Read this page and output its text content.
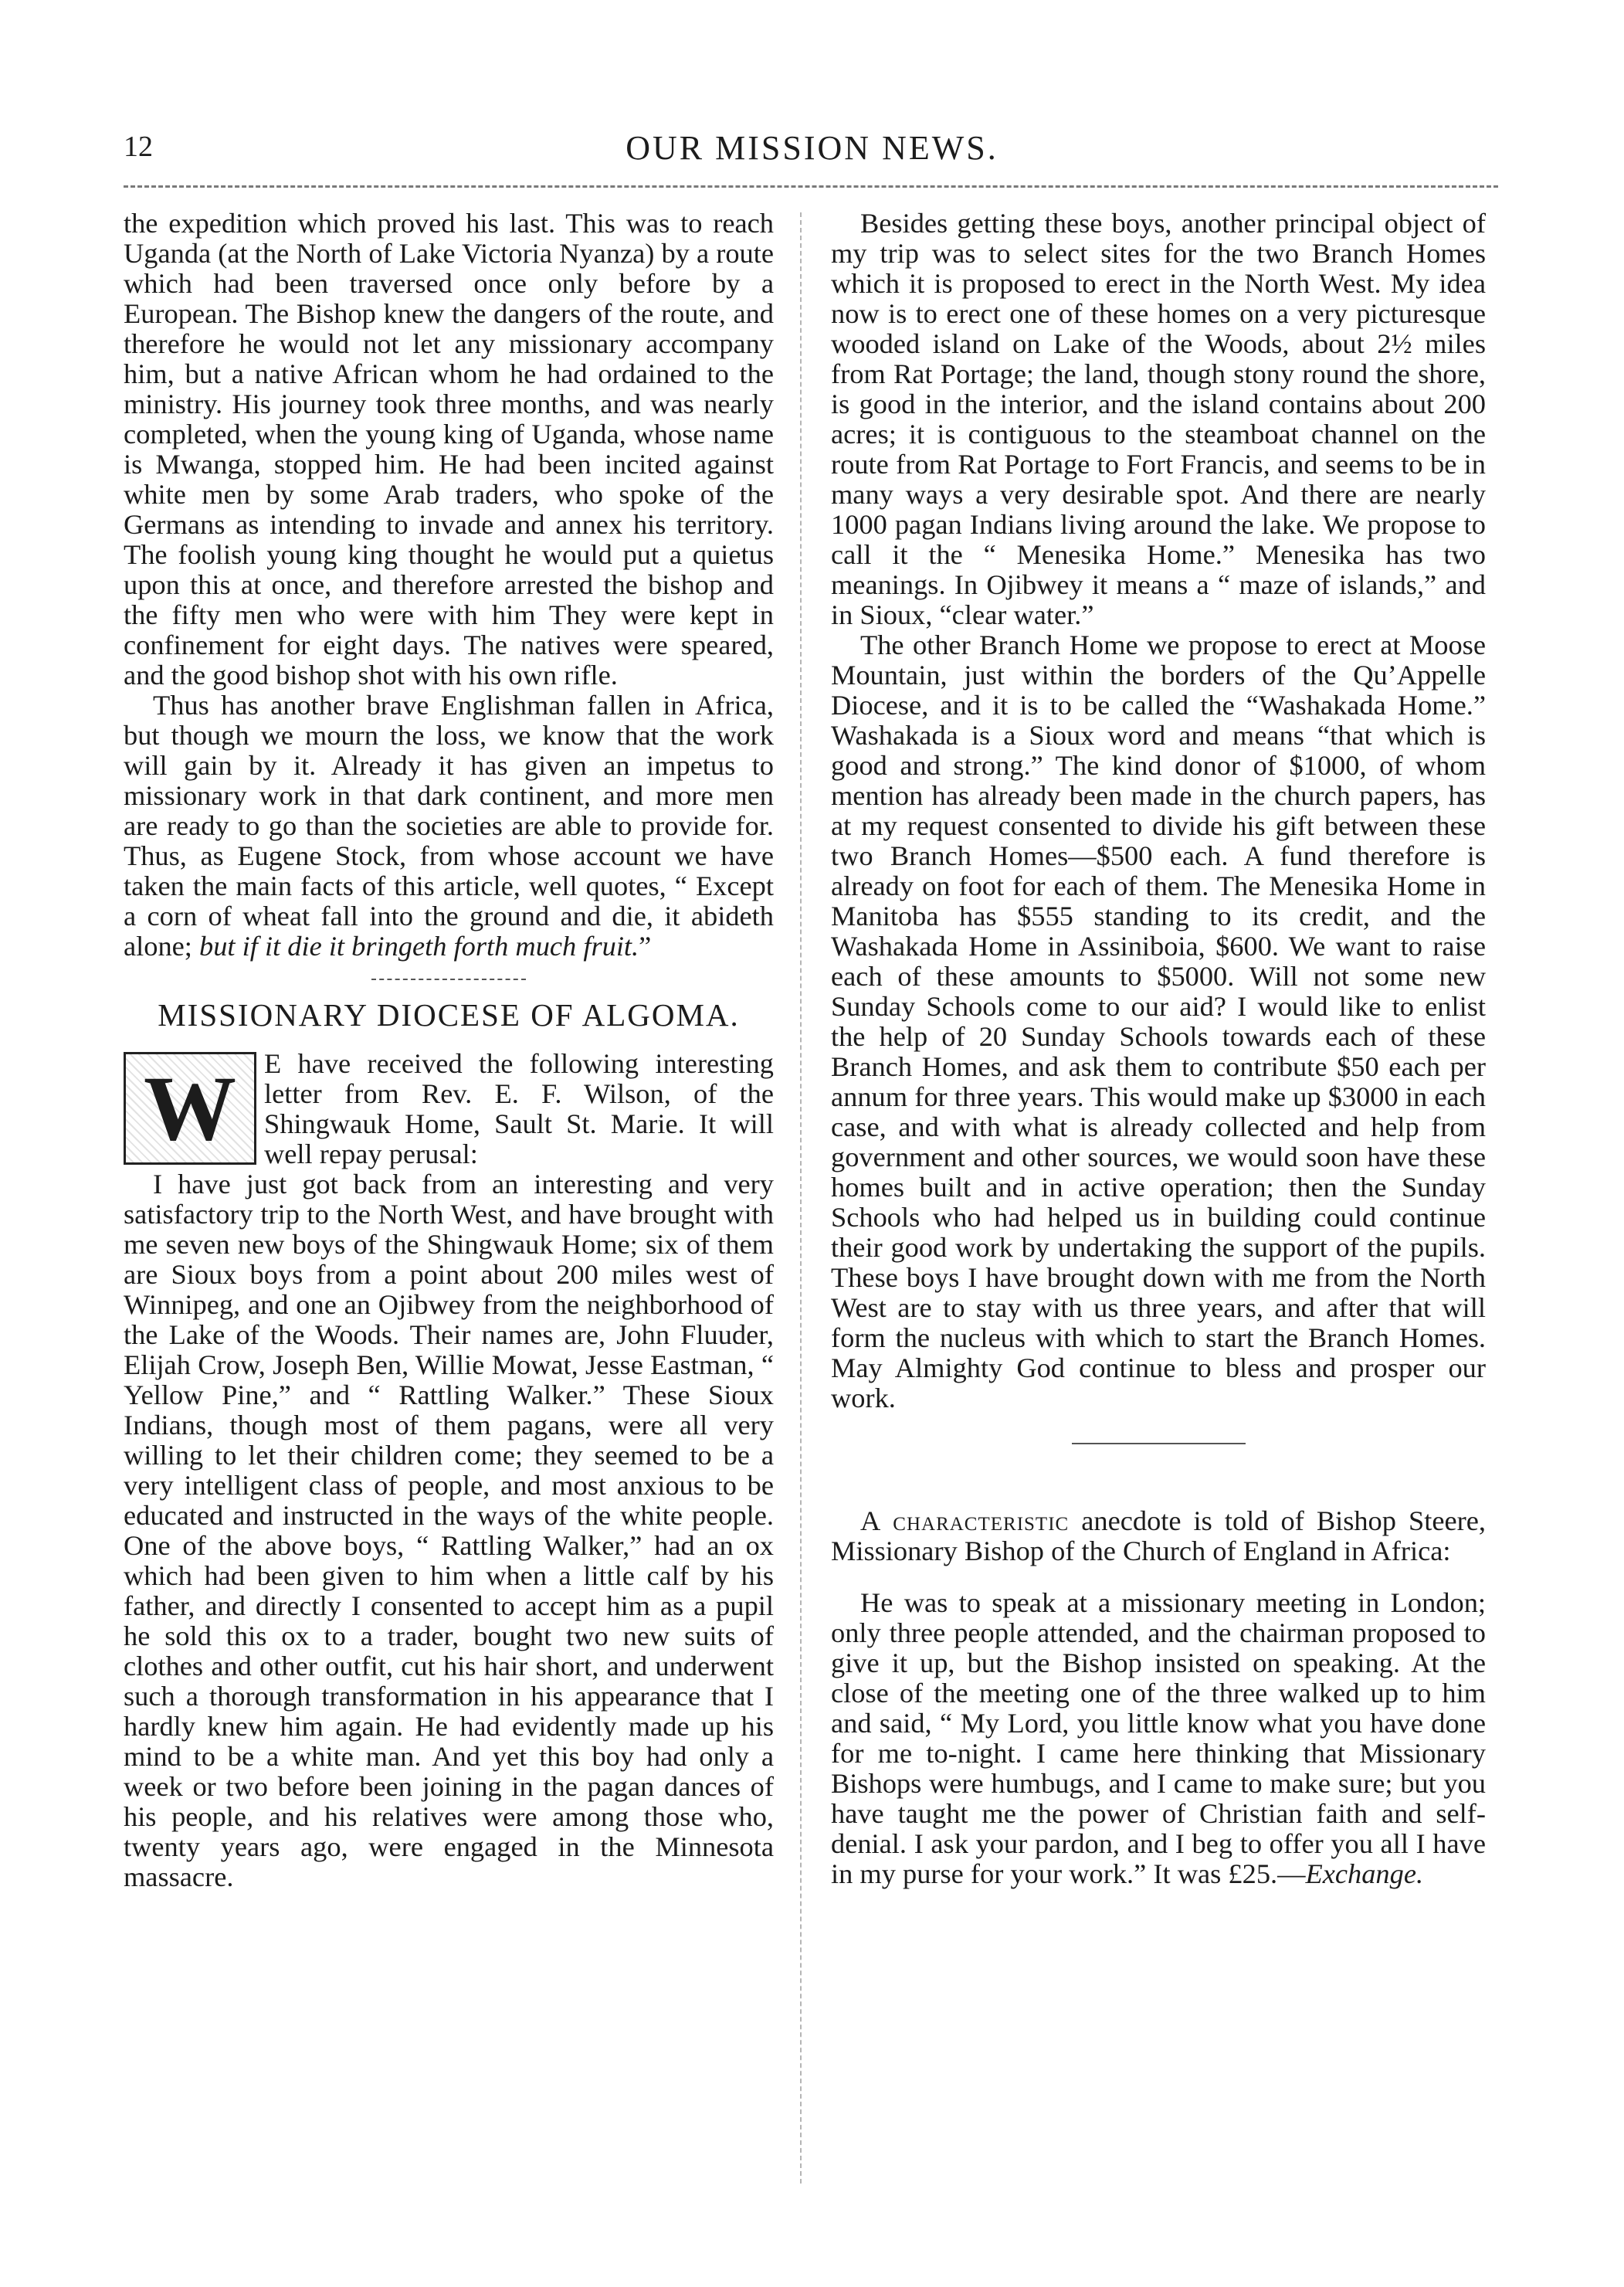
12	OUR MISSION NEWS.

the expedition which proved his last. This was to reach Uganda (at the North of Lake Victoria Nyanza) by a route which had been traversed once only before by a European. The Bishop knew the dangers of the route, and therefore he would not let any missionary accompany him, but a native African whom he had ordained to the ministry. His journey took three months, and was nearly completed, when the young king of Uganda, whose name is Mwanga, stopped him. He had been incited against white men by some Arab traders, who spoke of the Germans as intending to invade and annex his territory. The foolish young king thought he would put a quietus upon this at once, and therefore arrested the bishop and the fifty men who were with him They were kept in confinement for eight days. The natives were speared, and the good bishop shot with his own rifle.

Thus has another brave Englishman fallen in Africa, but though we mourn the loss, we know that the work will gain by it. Already it has given an impetus to missionary work in that dark continent, and more men are ready to go than the societies are able to provide for. Thus, as Eugene Stock, from whose account we have taken the main facts of this article, well quotes, “ Except a corn of wheat fall into the ground and die, it abideth alone; but if it die it bringeth forth much fruit.”

MISSIONARY DIOCESE OF ALGOMA.

W E have received the following interesting letter from Rev. E. F. Wilson, of the Shingwauk Home, Sault St. Marie. It will well repay perusal:

I have just got back from an interesting and very satisfactory trip to the North West, and have brought with me seven new boys of the Shingwauk Home; six of them are Sioux boys from a point about 200 miles west of Winnipeg, and one an Ojibwey from the neighborhood of the Lake of the Woods. Their names are, John Fluuder, Elijah Crow, Joseph Ben, Willie Mowat, Jesse Eastman, “ Yellow Pine,” and “ Rattling Walker.” These Sioux Indians, though most of them pagans, were all very willing to let their children come; they seemed to be a very intelligent class of people, and most anxious to be educated and instructed in the ways of the white people. One of the above boys, “ Rattling Walker,” had an ox which had been given to him when a little calf by his father, and directly I consented to accept him as a pupil he sold this ox to a trader, bought two new suits of clothes and other outfit, cut his hair short, and underwent such a thorough transformation in his appearance that I hardly knew him again. He had evidently made up his mind to be a white man. And yet this boy had only a week or two before been joining in the pagan dances of his people, and his relatives were among those who, twenty years ago, were engaged in the Minnesota massacre.

Besides getting these boys, another principal object of my trip was to select sites for the two Branch Homes which it is proposed to erect in the North West. My idea now is to erect one of these homes on a very picturesque wooded island on Lake of the Woods, about 2½ miles from Rat Portage; the land, though stony round the shore, is good in the interior, and the island contains about 200 acres; it is contiguous to the steamboat channel on the route from Rat Portage to Fort Francis, and seems to be in many ways a very desirable spot. And there are nearly 1000 pagan Indians living around the lake. We propose to call it the “ Menesika Home.” Menesika has two meanings. In Ojibwey it means a “ maze of islands,” and in Sioux, “clear water.”

The other Branch Home we propose to erect at Moose Mountain, just within the borders of the Qu’Appelle Diocese, and it is to be called the “Washakada Home.” Washakada is a Sioux word and means “that which is good and strong.” The kind donor of $1000, of whom mention has already been made in the church papers, has at my request consented to divide his gift between these two Branch Homes—$500 each. A fund therefore is already on foot for each of them. The Menesika Home in Manitoba has $555 standing to its credit, and the Washakada Home in Assiniboia, $600. We want to raise each of these amounts to $5000. Will not some new Sunday Schools come to our aid? I would like to enlist the help of 20 Sunday Schools towards each of these Branch Homes, and ask them to contribute $50 each per annum for three years. This would make up $3000 in each case, and with what is already collected and help from government and other sources, we would soon have these homes built and in active operation; then the Sunday Schools who had helped us in building could continue their good work by undertaking the support of the pupils. These boys I have brought down with me from the North West are to stay with us three years, and after that will form the nucleus with which to start the Branch Homes. May Almighty God continue to bless and prosper our work.

A characteristic anecdote is told of Bishop Steere, Missionary Bishop of the Church of England in Africa:

He was to speak at a missionary meeting in London; only three people attended, and the chairman proposed to give it up, but the Bishop insisted on speaking. At the close of the meeting one of the three walked up to him and said, “ My Lord, you little know what you have done for me to-night. I came here thinking that Missionary Bishops were humbugs, and I came to make sure; but you have taught me the power of Christian faith and self-denial. I ask your pardon, and I beg to offer you all I have in my purse for your work.” It was £25.—Exchange.
